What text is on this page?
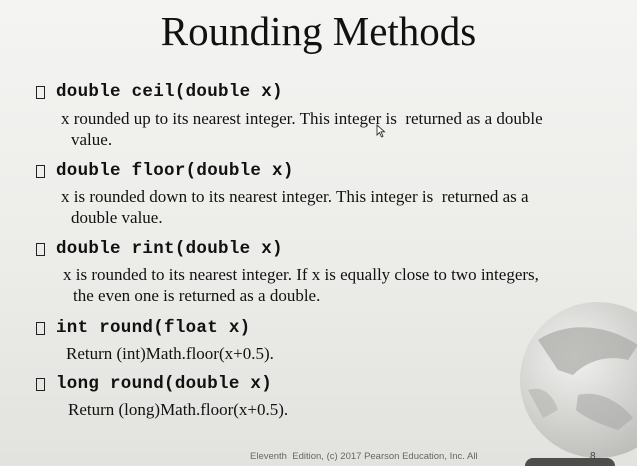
Rounding Methods
double ceil(double x)
x rounded up to its nearest integer. This integer is  returned as a double
value.
double floor(double x)
x is rounded down to its nearest integer. This integer is  returned as a
double value.
double rint(double x)
x is rounded to its nearest integer. If x is equally close to two integers,
the even one is returned as a double.
int round(float x)
Return (int)Math.floor(x+0.5).
long round(double x)
Return (long)Math.floor(x+0.5).
Eleventh  Edition, (c) 2017 Pearson Education, Inc. All	8
